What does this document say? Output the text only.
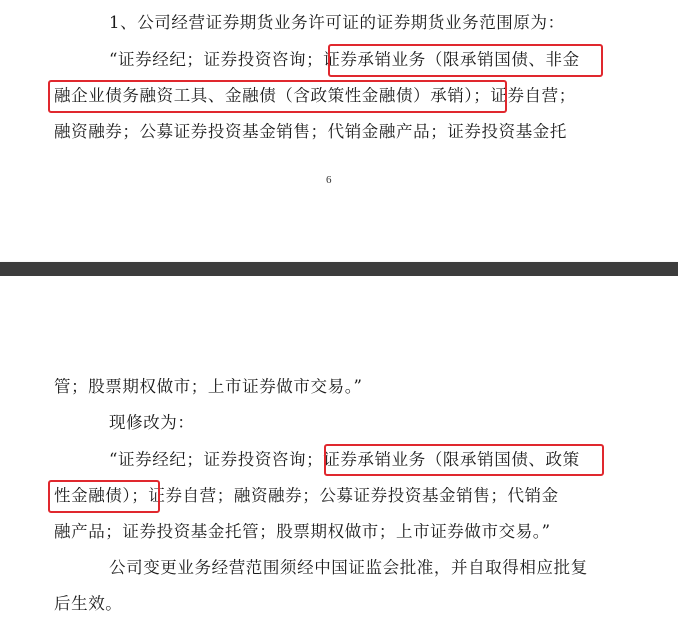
1、公司经营证券期货业务许可证的证券期货业务范围原为：
“证券经纪；证券投资咨询；证券承销业务（限承销国债、非金
融企业债务融资工具、金融债（含政策性金融债）承销）；证券自营；
融资融券；公募证券投资基金销售；代销金融产品；证券投资基金托
6
管；股票期权做市；上市证券做市交易。”
现修改为：
“证券经纪；证券投资咨询；证券承销业务（限承销国债、政策
性金融债）；证券自营；融资融券；公募证券投资基金销售；代销金
融产品；证券投资基金托管；股票期权做市；上市证券做市交易。”
公司变更业务经营范围须经中国证监会批准，并自取得相应批复
后生效。
